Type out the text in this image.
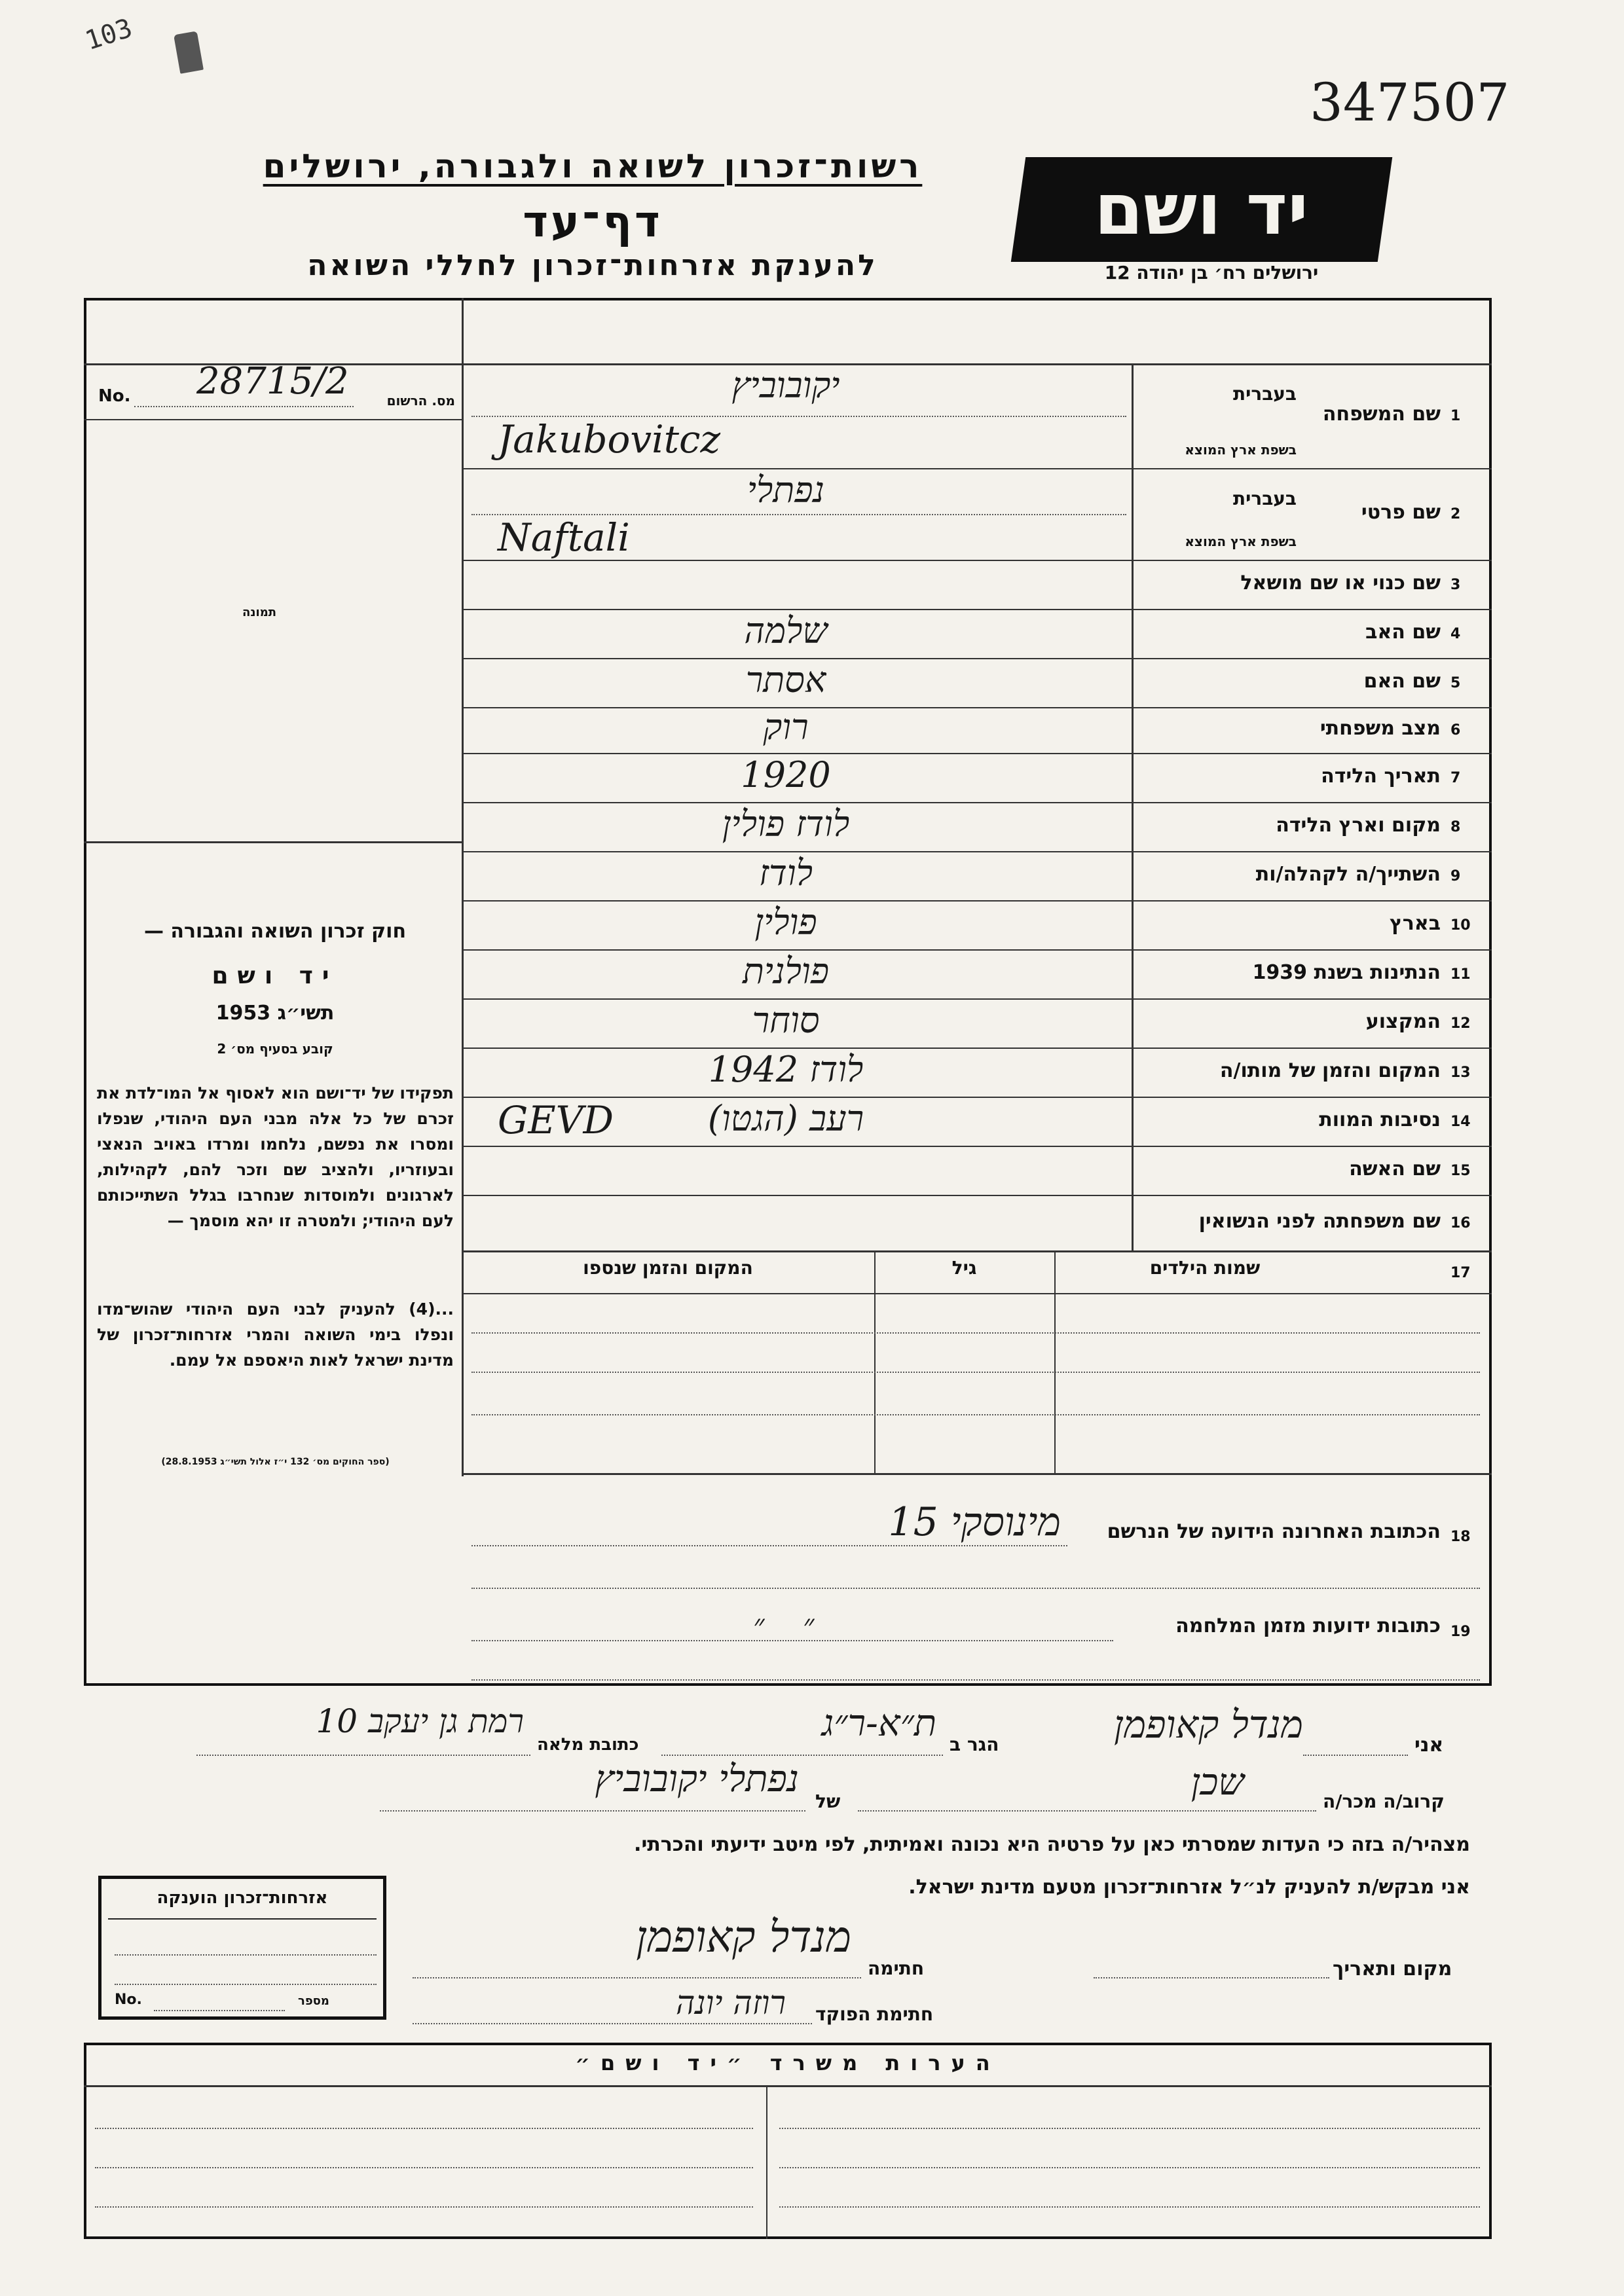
103
347507
רשות־זכרון לשואה ולגבורה, ירושלים
דף־עד
להענקת אזרחות־זכרון לחללי השואה
יד ושם
ירושלים רח׳ בן יהודה 12
No. 28715/2	מס. הרשום
תמונה
חוק זכרון השואה והגבורה —
יד ושם
תשי״ג 1953
קובע בסעיף מס׳ 2
תפקידו של יד־ושם הוא לאסוף אל המו־לדת את זכרם של כל אלה מבני העם היהודי, שנפלו ומסרו את נפשם, נלחמו ומרדו באויב הנאצי ובעוזריו, ולהציב שם וזכר להם, לקהילות, לארגונים ולמוסדות שנחרבו בגלל השתייכותם לעם היהודי; ולמטרה זו יהא מוסמך —
...(4) להעניק לבני העם היהודי שהוש־מדו ונפלו בימי השואה והמרי אזרחות־זכרון של מדינת ישראל לאות היאספם אל עמם.
(ספר החוקים מס׳ 132 י״ז אלול תשי״ג 28.8.1953)
1
שם המשפחה
בעברית
בשפת ארץ המוצא
יקובוביץ
Jakubovitcz
2
שם פרטי
בעברית
בשפת ארץ המוצא
נפתלי
Naftali
3
שם כנוי או שם מושאל
4
שם האב
שלמה
5
שם האם
אסתר
6
מצב משפחתי
רוק
7
תאריך הלידה
1920
8
מקום וארץ הלידה
לודז פולין
9
השתייך/ה לקהלה/ות
לודז
10
בארץ
פולין
11
הנתינות בשנת 1939
פולנית
12
המקצוע
סוחר
13
המקום והזמן של מותו/ה
לודז 1942
14
נסיבות המוות
רעב (הגטו)
GEVD
15
שם האשה
16
שם משפחתה לפני הנשואין
17
שמות הילדים
גיל
המקום והזמן שנספו
18
הכתובת האחרונה הידועה של הנרשם
מינוסקי 15
19
כתובות ידועות מזמן המלחמה
״    ״
אני
מנדל קאופמן
הגר ב
ת״א-ר״ג
כתובת מלאה
רמת גן יעקב 10
קרוב/ה מכר/ה
שכן
של
נפתלי יקובוביץ
מצהיר/ה בזה כי העדות שמסרתי כאן על פרטיה היא נכונה ואמיתית, לפי מיטב ידיעתי והכרתי.
אני מבקש/ת להעניק לנ״ל אזרחות־זכרון מטעם מדינת ישראל.
מקום ותאריך
חתימה
מנדל קאופמן
חתימת הפוקד
רוזה יונה
אזרחות־זכרון הוענקה
No.	מספר
הערות משרד ״יד ושם״
